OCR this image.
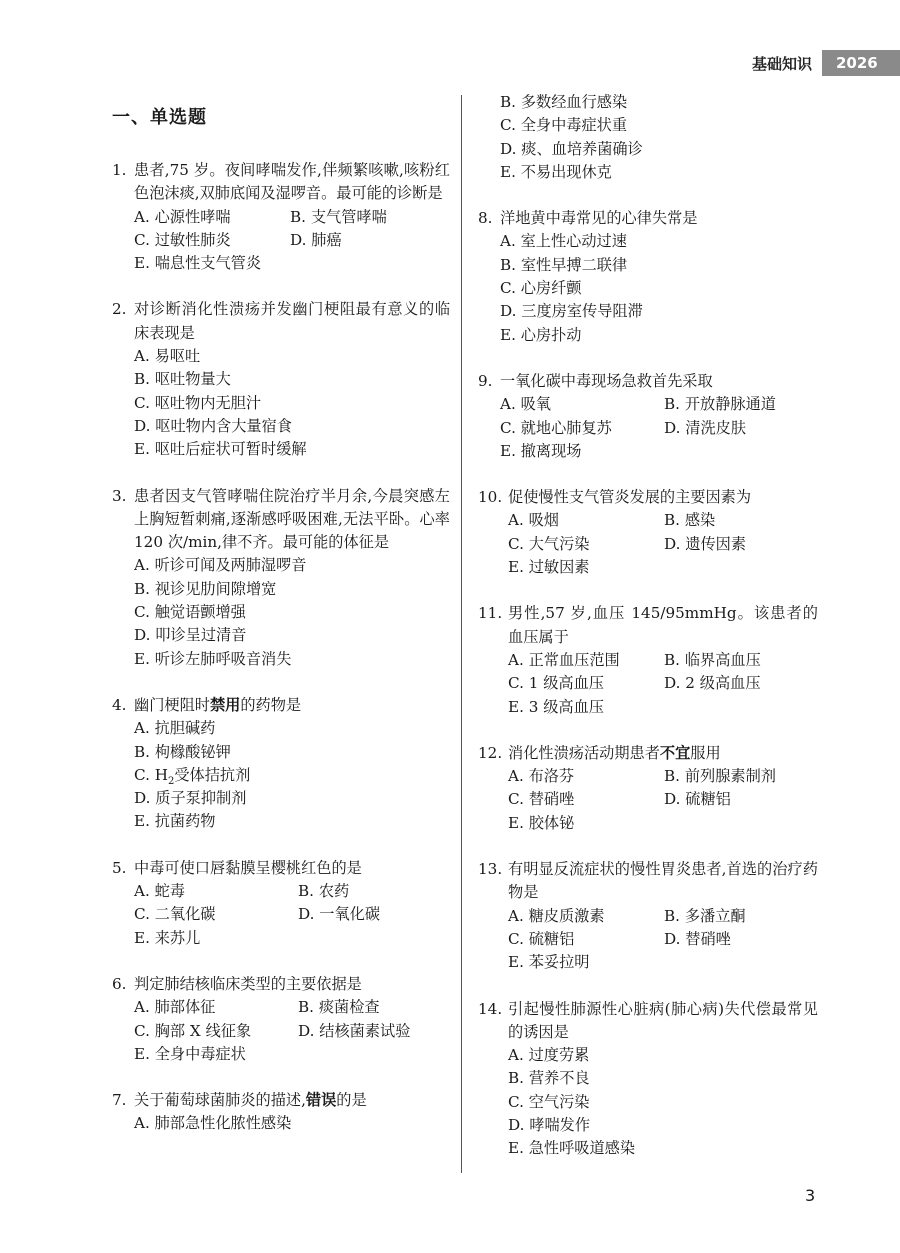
基础知识	2026
一、单选题
1. 患者,75 岁。夜间哮喘发作,伴频繁咳嗽,咳粉红色泡沫痰,双肺底闻及湿啰音。最可能的诊断是
A. 心源性哮喘	B. 支气管哮喘
C. 过敏性肺炎	D. 肺癌
E. 喘息性支气管炎
2. 对诊断消化性溃疡并发幽门梗阻最有意义的临床表现是
A. 易呕吐
B. 呕吐物量大
C. 呕吐物内无胆汁
D. 呕吐物内含大量宿食
E. 呕吐后症状可暂时缓解
3. 患者因支气管哮喘住院治疗半月余,今晨突感左上胸短暂刺痛,逐渐感呼吸困难,无法平卧。心率 120 次/min,律不齐。最可能的体征是
A. 听诊可闻及两肺湿啰音
B. 视诊见肋间隙增宽
C. 触觉语颤增强
D. 叩诊呈过清音
E. 听诊左肺呼吸音消失
4. 幽门梗阻时禁用的药物是
A. 抗胆碱药
B. 枸橼酸铋钾
C. $H_2$受体拮抗剂
D. 质子泵抑制剂
E. 抗菌药物
5. 中毒可使口唇黏膜呈樱桃红色的是
A. 蛇毒	B. 农药
C. 二氧化碳	D. 一氧化碳
E. 来苏儿
6. 判定肺结核临床类型的主要依据是
A. 肺部体征	B. 痰菌检查
C. 胸部 X 线征象	D. 结核菌素试验
E. 全身中毒症状
7. 关于葡萄球菌肺炎的描述,错误的是
A. 肺部急性化脓性感染
B. 多数经血行感染
C. 全身中毒症状重
D. 痰、血培养菌确诊
E. 不易出现休克
8. 洋地黄中毒常见的心律失常是
A. 室上性心动过速
B. 室性早搏二联律
C. 心房纤颤
D. 三度房室传导阻滞
E. 心房扑动
9. 一氧化碳中毒现场急救首先采取
A. 吸氧	B. 开放静脉通道
C. 就地心肺复苏	D. 清洗皮肤
E. 撤离现场
10. 促使慢性支气管炎发展的主要因素为
A. 吸烟	B. 感染
C. 大气污染	D. 遗传因素
E. 过敏因素
11. 男性,57 岁,血压 145/95mmHg。该患者的血压属于
A. 正常血压范围	B. 临界高血压
C. 1 级高血压	D. 2 级高血压
E. 3 级高血压
12. 消化性溃疡活动期患者不宜服用
A. 布洛芬	B. 前列腺素制剂
C. 替硝唑	D. 硫糖铝
E. 胶体铋
13. 有明显反流症状的慢性胃炎患者,首选的治疗药物是
A. 糖皮质激素	B. 多潘立酮
C. 硫糖铝	D. 替硝唑
E. 苯妥拉明
14. 引起慢性肺源性心脏病(肺心病)失代偿最常见的诱因是
A. 过度劳累
B. 营养不良
C. 空气污染
D. 哮喘发作
E. 急性呼吸道感染
3
